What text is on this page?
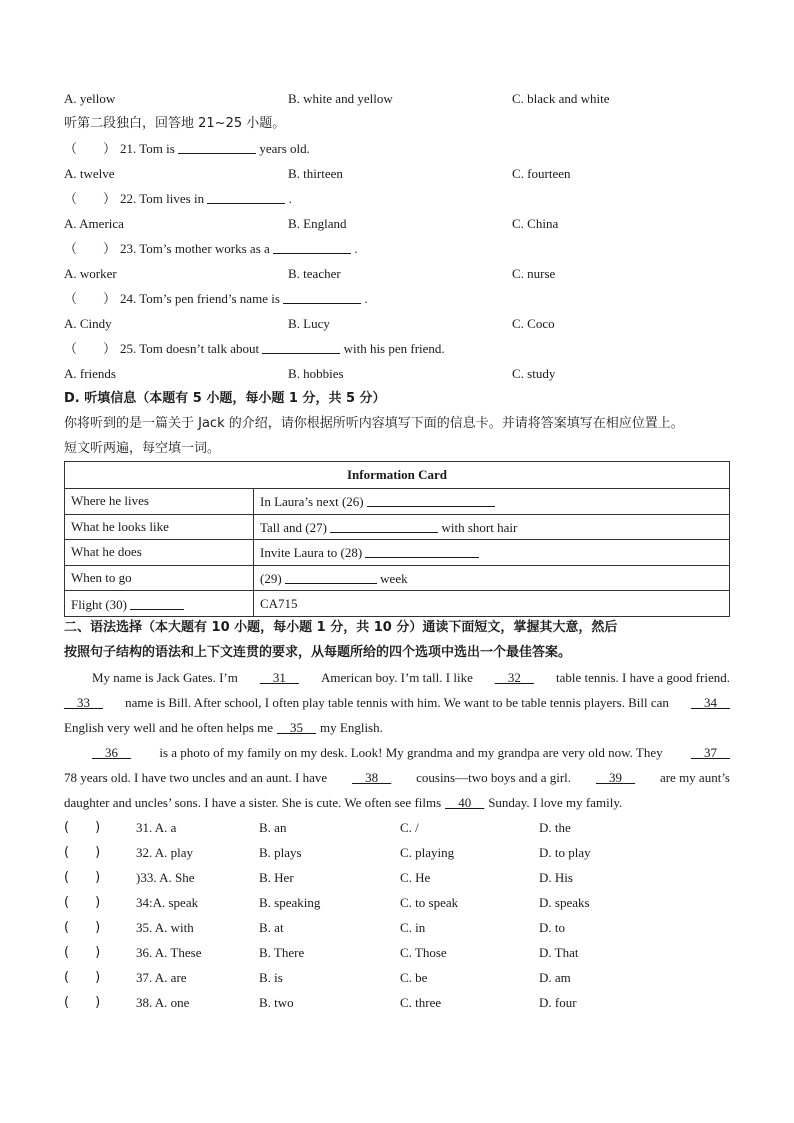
A. yellow	B. white and yellow	C. black and white
听第二段独白，回答地 21~25 小题。
（　　） 21. Tom is	years old.
A. twelve	B. thirteen	C. fourteen
（　　） 22. Tom lives in	.
A. America	B. England	C. China
（　　） 23. Tom’s mother works as a	.
A. worker	B. teacher	C. nurse
（　　） 24. Tom’s pen friend’s name is	.
A. Cindy	B. Lucy	C. Coco
（　　） 25. Tom doesn’t talk about	with his pen friend.
A. friends	B. hobbies	C. study
D. 听填信息（本题有 5 小题，每小题 1 分，共 5 分）
你将听到的是一篇关于 Jack 的介绍，请你根据所听内容填写下面的信息卡。并请将答案填写在相应位置上。
短文听两遍，每空填一词。
Information Card	
Where he lives	In Laura’s next (26)
What he looks like	Tall and (27) with short hair
What he does	Invite Laura to (28)
When to go	(29) week
Flight (30)	CA715
二、语法选择（本大题有 10 小题，每小题 1 分，共 10 分）通读下面短文，掌握其大意，然后
按照句子结构的语法和上下文连贯的要求，从每题所给的四个选项中选出一个最佳答案。
My name is Jack Gates. I’m __31__ American boy. I’m tall. I like __32__ table tennis. I have a good friend.
__33__ name is Bill. After school, I often play table tennis with him. We want to be table tennis players. Bill can __34__
English very well and he often helps me __35__ my English.
__36__ is a photo of my family on my desk. Look! My grandma and my grandpa are very old now. They __37__
78 years old. I have two uncles and an aunt. I have __38__ cousins—two boys and a girl. __39__ are my aunt’s
daughter and uncles’ sons. I have a sister. She is cute. We often see films __40__ Sunday. I love my family.
(　　)	31. A. a	B. an	C. /	D. the
(　　)	32. A. play	B. plays	C. playing	D. to play
(　　)	)33. A. She	B. Her	C. He	D. His
(　　)	34:A. speak	B. speaking	C. to speak	D. speaks
(　　)	35. A. with	B. at	C. in	D. to
(　　)	36. A. These	B. There	C. Those	D. That
(　　)	37. A. are	B. is	C. be	D. am
(　　)	38. A. one	B. two	C. three	D. four
